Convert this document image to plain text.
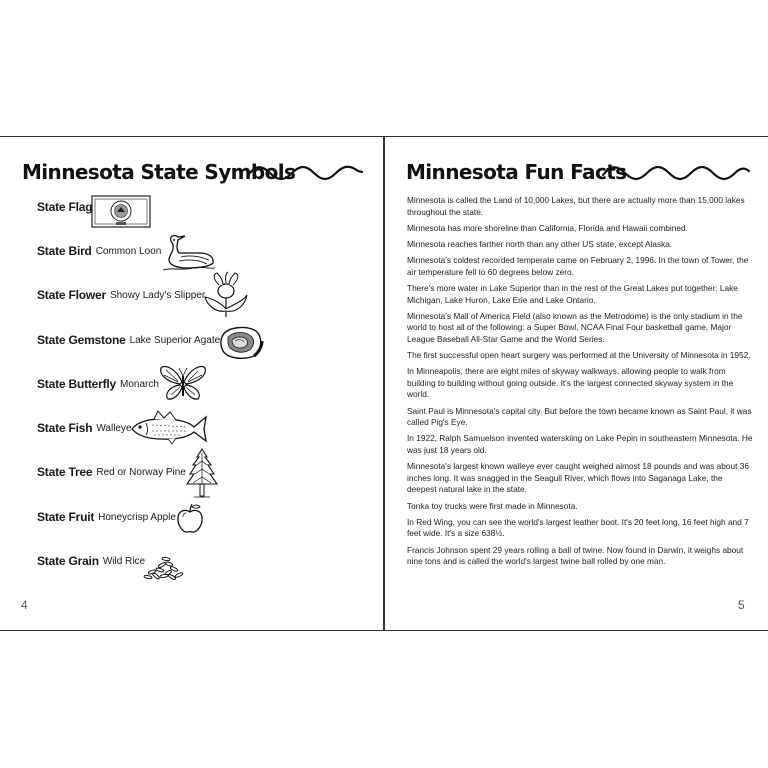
Minnesota State Symbols
State Flag
State Bird Common Loon
State Flower Showy Lady's Slipper
State Gemstone Lake Superior Agate
State Butterfly Monarch
State Fish Walleye
State Tree Red or Norway Pine
State Fruit Honeycrisp Apple
State Grain Wild Rice
4
Minnesota Fun Facts

Minnesota is called the Land of 10,000 Lakes, but there are actually more than 15,000 lakes throughout the state.

Minnesota has more shoreline than California, Florida and Hawaii combined.

Minnesota reaches farther north than any other US state, except Alaska.

Minnesota's coldest recorded temperate came on February 2, 1996. In the town of Tower, the air temperature fell to 60 degrees below zero.

There's more water in Lake Superior than in the rest of the Great Lakes put together: Lake Michigan, Lake Huron, Lake Erie and Lake Ontario.

Minnesota's Mall of America Field (also known as the Metrodome) is the only stadium in the world to host all of the following: a Super Bowl, NCAA Final Four basketball game, Major League Baseball All-Star Game and the World Series.

The first successful open heart surgery was performed at the University of Minnesota in 1952.

In Minneapolis, there are eight miles of skyway walkways, allowing people to walk from building to building without going outside. It's the largest connected skyway system in the world.

Saint Paul is Minnesota's capital city. But before the town became known as Saint Paul, it was called Pig's Eye.

In 1922, Ralph Samuelson invented waterskiing on Lake Pepin in southeastern Minnesota. He was just 18 years old.

Minnesota's largest known walleye ever caught weighed almost 18 pounds and was about 36 inches long. It was snagged in the Seagull River, which flows into Saganaga Lake, the deepest natural lake in the state.

Tonka toy trucks were first made in Minnesota.

In Red Wing, you can see the world's largest leather boot. It's 20 feet long, 16 feet high and 7 feet wide. It's a size 638½.

Francis Johnson spent 29 years rolling a ball of twine. Now found in Darwin, it weighs about nine tons and is called the world's largest twine ball rolled by one man.

5
